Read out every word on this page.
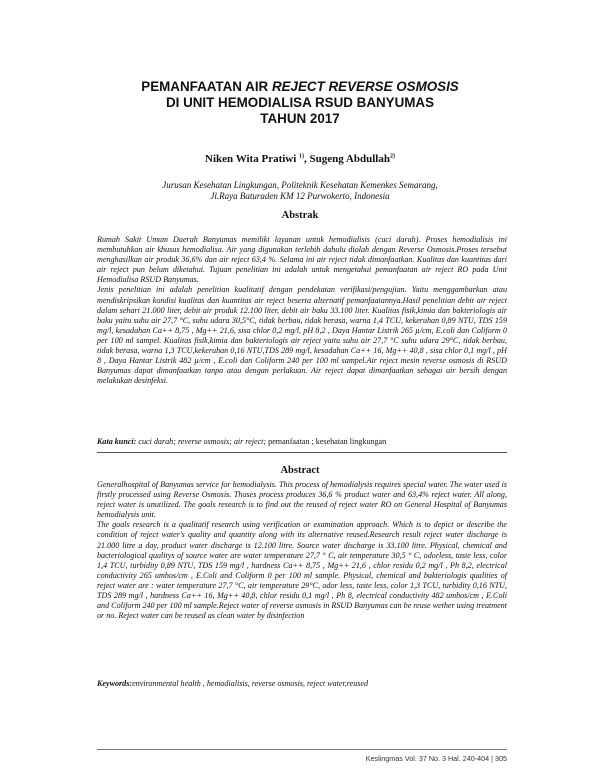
PEMANFAATAN AIR REJECT REVERSE OSMOSIS
DI UNIT HEMODIALISA RSUD BANYUMAS
TAHUN 2017
Niken Wita Pratiwi $^{1)}$, Sugeng Abdullah$^{2)}$
Jurusan Kesehatan Lingkungan, Politeknik Kesehatan Kemenkes Semarang,
Jl.Raya Baturaden KM 12 Purwokerto, Indonesia
Abstrak

Rumah Sakit Umum Daerah Banyumas memiliki layanan untuk hemodialisis (cuci darah). Proses hemodialisis ini membutuhkan air khusus hemodialisa. Air yang digunakan terlebih dahulu diolah dengan Reverse Osmosis.Proses tersebut menghasilkan air produk 36,6% dan air reject 63,4 %. Selama ini air reject tidak dimanfaatkan. Kualitas dan kuantitas dari air reject pun belum diketahui. Tujuan penelitian ini adalah untuk mengetahui pemanfaatan air reject RO pada Unit Hemodialisa RSUD Banyumas.

Jenis penelitian ini adalah penelitian kualitatif dengan pendekatan verifikasi/pengujian. Yaitu menggambarkan atau mendiskripsikan kondisi kualitas dan kuantitas air reject beserta alternatif pemanfaatannya.Hasil penelitian debit air reject dalam sehari 21.000 liter, debit air produk 12.100 liter, debit air baku 33.100 liter. Kualitas fisik,kimia dan bakteriologis air baku yaitu suhu air 27,7 °C, suhu udara 30,5°C, tidak berbau, tidak berasa, warna 1,4 TCU, kekeruhan 0,89 NTU, TDS 159 mg/l, kesadahan Ca++ 8,75 , Mg++ 21,6, sisa chlor 0,2 mg/l, pH 8,2 , Daya Hantar Listrik 265 µ/cm, E.coli dan Coliform 0 per 100 ml sampel. Kualitas fisik,kimia dan bakteriologis air reject yaitu suhu air 27,7 °C suhu udara 29°C, tidak berbau, tidak berasa, warna 1,3 TCU,kekeruhan 0,16 NTU,TDS 289 mg/l, kesadahan Ca++ 16, Mg++ 40,8 , sisa chlor 0,1 mg/l , pH 8 , Daya Hantar Listrik 482 µ/cm , E.coli dan Coliform 240 per 100 ml sampel.Air reject mesin reverse osmosis di RSUD Banyumas dapat dimanfaatkan tanpa atau dengan perlakuan. Air reject dapat dimanfaatkan sebagai air bersih dengan melakukan desinfeksi.

Kata kunci: cuci darah; reverse osmosis; air reject; pemanfaatan ; kesehatan lingkungan
Abstract

Generalhospital of Banyumas service for hemodialysis. This process of hemodialysis requires special water. The water used is firstly processed using Reverse Osmosis. Thoses process produces 36,6 % product water and 63,4% reject water. All along, reject water is unutilized. The goals research is to find out the reused of reject water RO on General Hospital of Banyumas hemodialysis unit.

The goals research is a qualitatif research using verification or examination approach. Which is to depict or describe the condition of reject water's quality and quantity along with its alternative reused.Research result reject water discharge is 21.000 litre a day, product water discharge is 12.100 litre. Source water discharge is 33.100 litre. Physical, chemical and bacteriological qualitys of source water are water temperature 27,7 ° C, air temperature 30,5 ° C, odorless, taste less, color 1,4 TCU, turbidity 0,89 NTU, TDS 159 mg/l , hardness Ca++ 8,75 , Mg++ 21,6 , chlor residu 0,2 mg/l , Ph 8,2, electrical conductivity 265 umhos/cm , E.Coli and Coliform 0 per 100 ml sample. Physical, chemical and bakteriologis qualities of reject water are : water temperature 27,7 °C, air temperature 29°C, odor less, taste less, color 1,3 TCU, turbidity 0,16 NTU, TDS 289 mg/l , hardness Ca++ 16, Mg++ 40,8, chlor residu 0,1 mg/l , Ph 8, electrical conductivity 482 umhos/cm , E.Coli and Coliform 240 per 100 ml sample.Reject water of reverse osmosis in RSUD Banyumas can be reuse wether using treatment or no. Reject water can be reused as clean water by disinfection

Keywords:environmental health , hemodialisis, reverse osmosis, reject water,reused
Keslingmas Vol. 37 No. 3 Hal. 240-404 | 305
